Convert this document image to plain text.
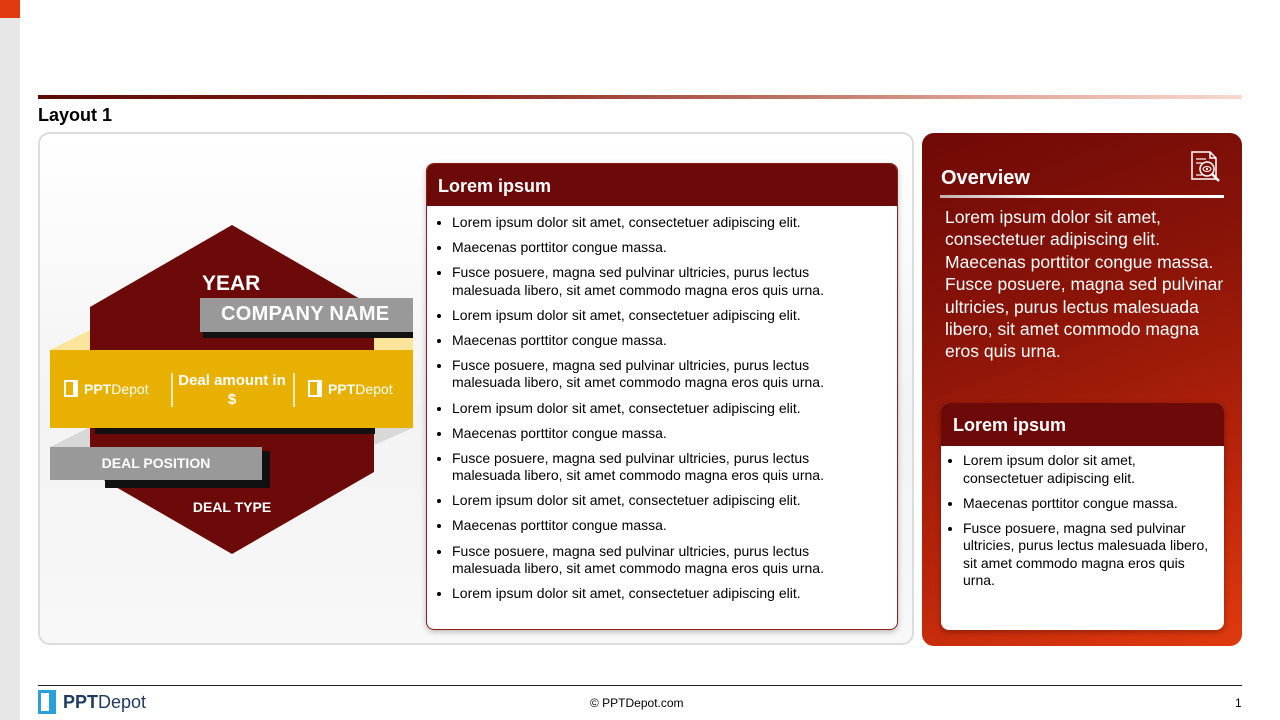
Layout 1
YEAR
COMPANY NAME
Deal amount in $
DEAL POSITION
DEAL TYPE
PPT Depot	PPT Depot
Lorem ipsum
• Lorem ipsum dolor sit amet, consectetuer adipiscing elit.
• Maecenas porttitor congue massa.
• Fusce posuere, magna sed pulvinar ultricies, purus lectus malesuada libero, sit amet commodo magna eros quis urna.
• Lorem ipsum dolor sit amet, consectetuer adipiscing elit.
• Maecenas porttitor congue massa.
• Fusce posuere, magna sed pulvinar ultricies, purus lectus malesuada libero, sit amet commodo magna eros quis urna.
• Lorem ipsum dolor sit amet, consectetuer adipiscing elit.
• Maecenas porttitor congue massa.
• Fusce posuere, magna sed pulvinar ultricies, purus lectus malesuada libero, sit amet commodo magna eros quis urna.
• Lorem ipsum dolor sit amet, consectetuer adipiscing elit.
• Maecenas porttitor congue massa.
• Fusce posuere, magna sed pulvinar ultricies, purus lectus malesuada libero, sit amet commodo magna eros quis urna.
• Lorem ipsum dolor sit amet, consectetuer adipiscing elit.
Overview
Lorem ipsum dolor sit amet, consectetuer adipiscing elit. Maecenas porttitor congue massa. Fusce posuere, magna sed pulvinar ultricies, purus lectus malesuada libero, sit amet commodo magna eros quis urna.
Lorem ipsum
• Lorem ipsum dolor sit amet, consectetuer adipiscing elit.
• Maecenas porttitor congue massa.
• Fusce posuere, magna sed pulvinar ultricies, purus lectus malesuada libero, sit amet commodo magna eros quis urna.
PPT Depot	© PPTDepot.com	1
